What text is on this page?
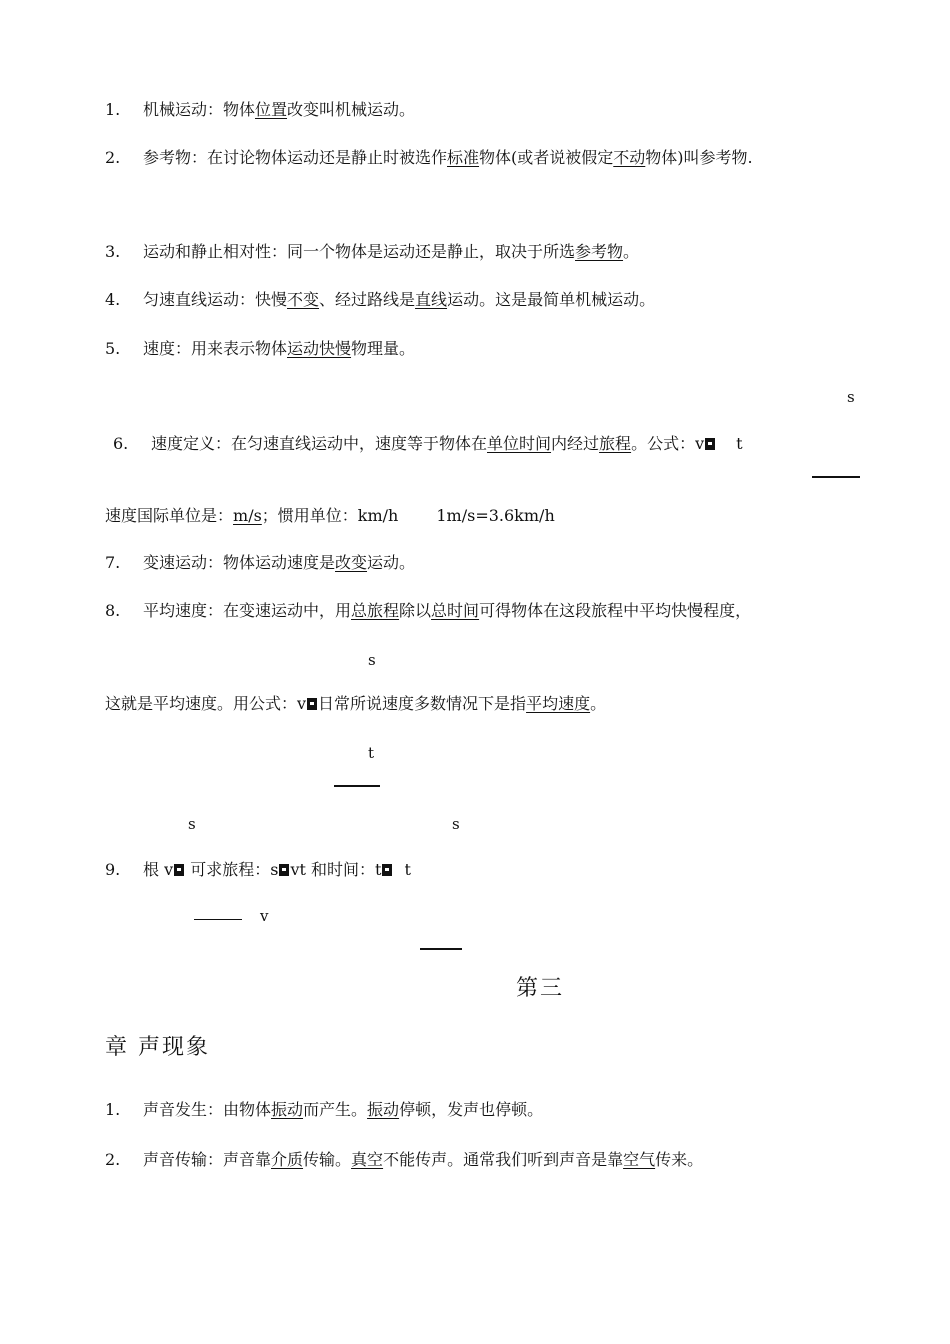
1. 机械运动：物体位置改变叫机械运动。
2. 参考物：在讨论物体运动还是静止时被选作标准物体(或者说被假定不动物体)叫参考物.
3. 运动和静止相对性：同一个物体是运动还是静止，取决于所选参考物。
4. 匀速直线运动：快慢不变、经过路线是直线运动。这是最简单机械运动。
5. 速度：用来表示物体运动快慢物理量。
s
6. 速度定义：在匀速直线运动中，速度等于物体在单位时间内经过旅程。公式：v t
速度国际单位是：m/s；惯用单位：km/h 1m/s=3.6km/h
7. 变速运动：物体运动速度是改变运动。
8. 平均速度：在变速运动中，用总旅程除以总时间可得物体在这段旅程中平均快慢程度，
s
这就是平均速度。用公式：v 日常所说速度多数情况下是指平均速度。
t
s	s
9. 根 v 可求旅程：s vt 和时间：t t
v
第三
章 声现象
1. 声音发生：由物体振动而产生。振动停顿，发声也停顿。
2. 声音传输：声音靠介质传输。真空不能传声。通常我们听到声音是靠空气传来。
